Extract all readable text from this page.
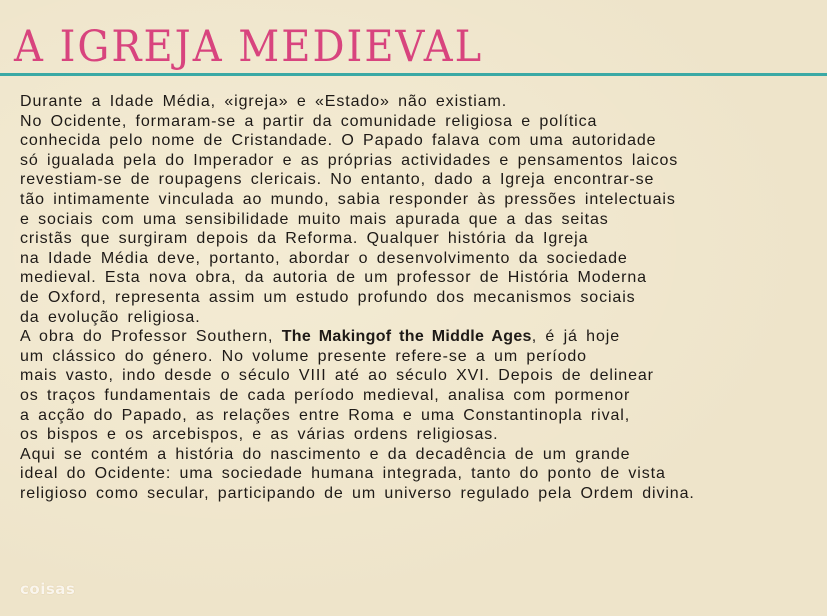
A IGREJA MEDIEVAL
Durante a Idade Média, «igreja» e «Estado» não existiam.
No Ocidente, formaram-se a partir da comunidade religiosa e política
conhecida pelo nome de Cristandade. O Papado falava com uma autoridade
só igualada pela do Imperador e as próprias actividades e pensamentos laicos
revestiam-se de roupagens clericais. No entanto, dado a Igreja encontrar-se
tão intimamente vinculada ao mundo, sabia responder às pressões intelectuais
e sociais com uma sensibilidade muito mais apurada que a das seitas
cristãs que surgiram depois da Reforma. Qualquer história da Igreja
na Idade Média deve, portanto, abordar o desenvolvimento da sociedade
medieval. Esta nova obra, da autoria de um professor de História Moderna
de Oxford, representa assim um estudo profundo dos mecanismos sociais
da evolução religiosa.
A obra do Professor Southern, The Makingof the Middle Ages, é já hoje
um clássico do género. No volume presente refere-se a um período
mais vasto, indo desde o século VIII até ao século XVI. Depois de delinear
os traços fundamentais de cada período medieval, analisa com pormenor
a acção do Papado, as relações entre Roma e uma Constantinopla rival,
os bispos e os arcebispos, e as várias ordens religiosas.
Aqui se contém a história do nascimento e da decadência de um grande
ideal do Ocidente: uma sociedade humana integrada, tanto do ponto de vista
religioso como secular, participando de um universo regulado pela Ordem divina.
coisas
